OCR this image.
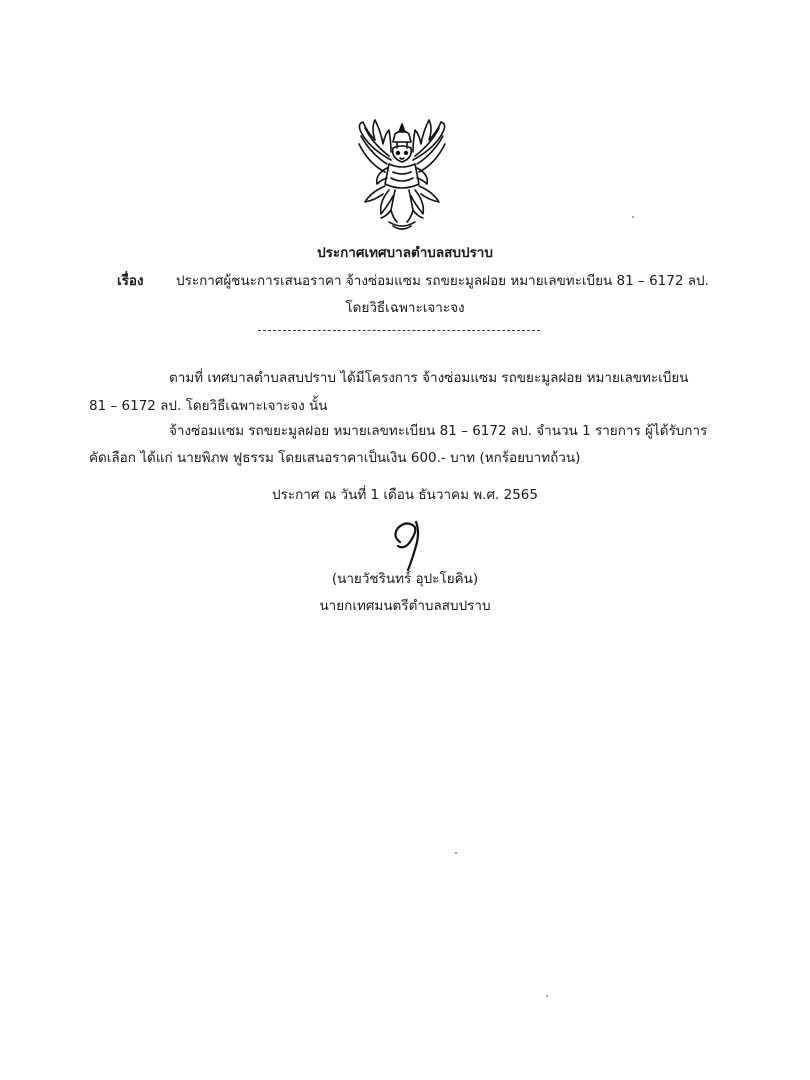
ประกาศเทศบาลตำบลสบปราบ
เรื่อง ประกาศผู้ชนะการเสนอราคา จ้างซ่อมแซม รถขยะมูลฝอย หมายเลขทะเบียน 81 – 6172 ลป.
โดยวิธีเฉพาะเจาะจง
ตามที่ เทศบาลตำบลสบปราบ ได้มีโครงการ จ้างซ่อมแซม รถขยะมูลฝอย หมายเลขทะเบียน
81 – 6172 ลป. โดยวิธีเฉพาะเจาะจง นั้น
จ้างซ่อมแซม รถขยะมูลฝอย หมายเลขทะเบียน 81 – 6172 ลป. จำนวน 1 รายการ ผู้ได้รับการ
คัดเลือก ได้แก่ นายพิภพ ฟูธรรม โดยเสนอราคาเป็นเงิน 600.- บาท (หกร้อยบาทถ้วน)
ประกาศ ณ วันที่ 1 เดือน ธันวาคม พ.ศ. 2565
(นายวัชรินทร์ อุปะโยคิน)
นายกเทศมนตรีตำบลสบปราบ
